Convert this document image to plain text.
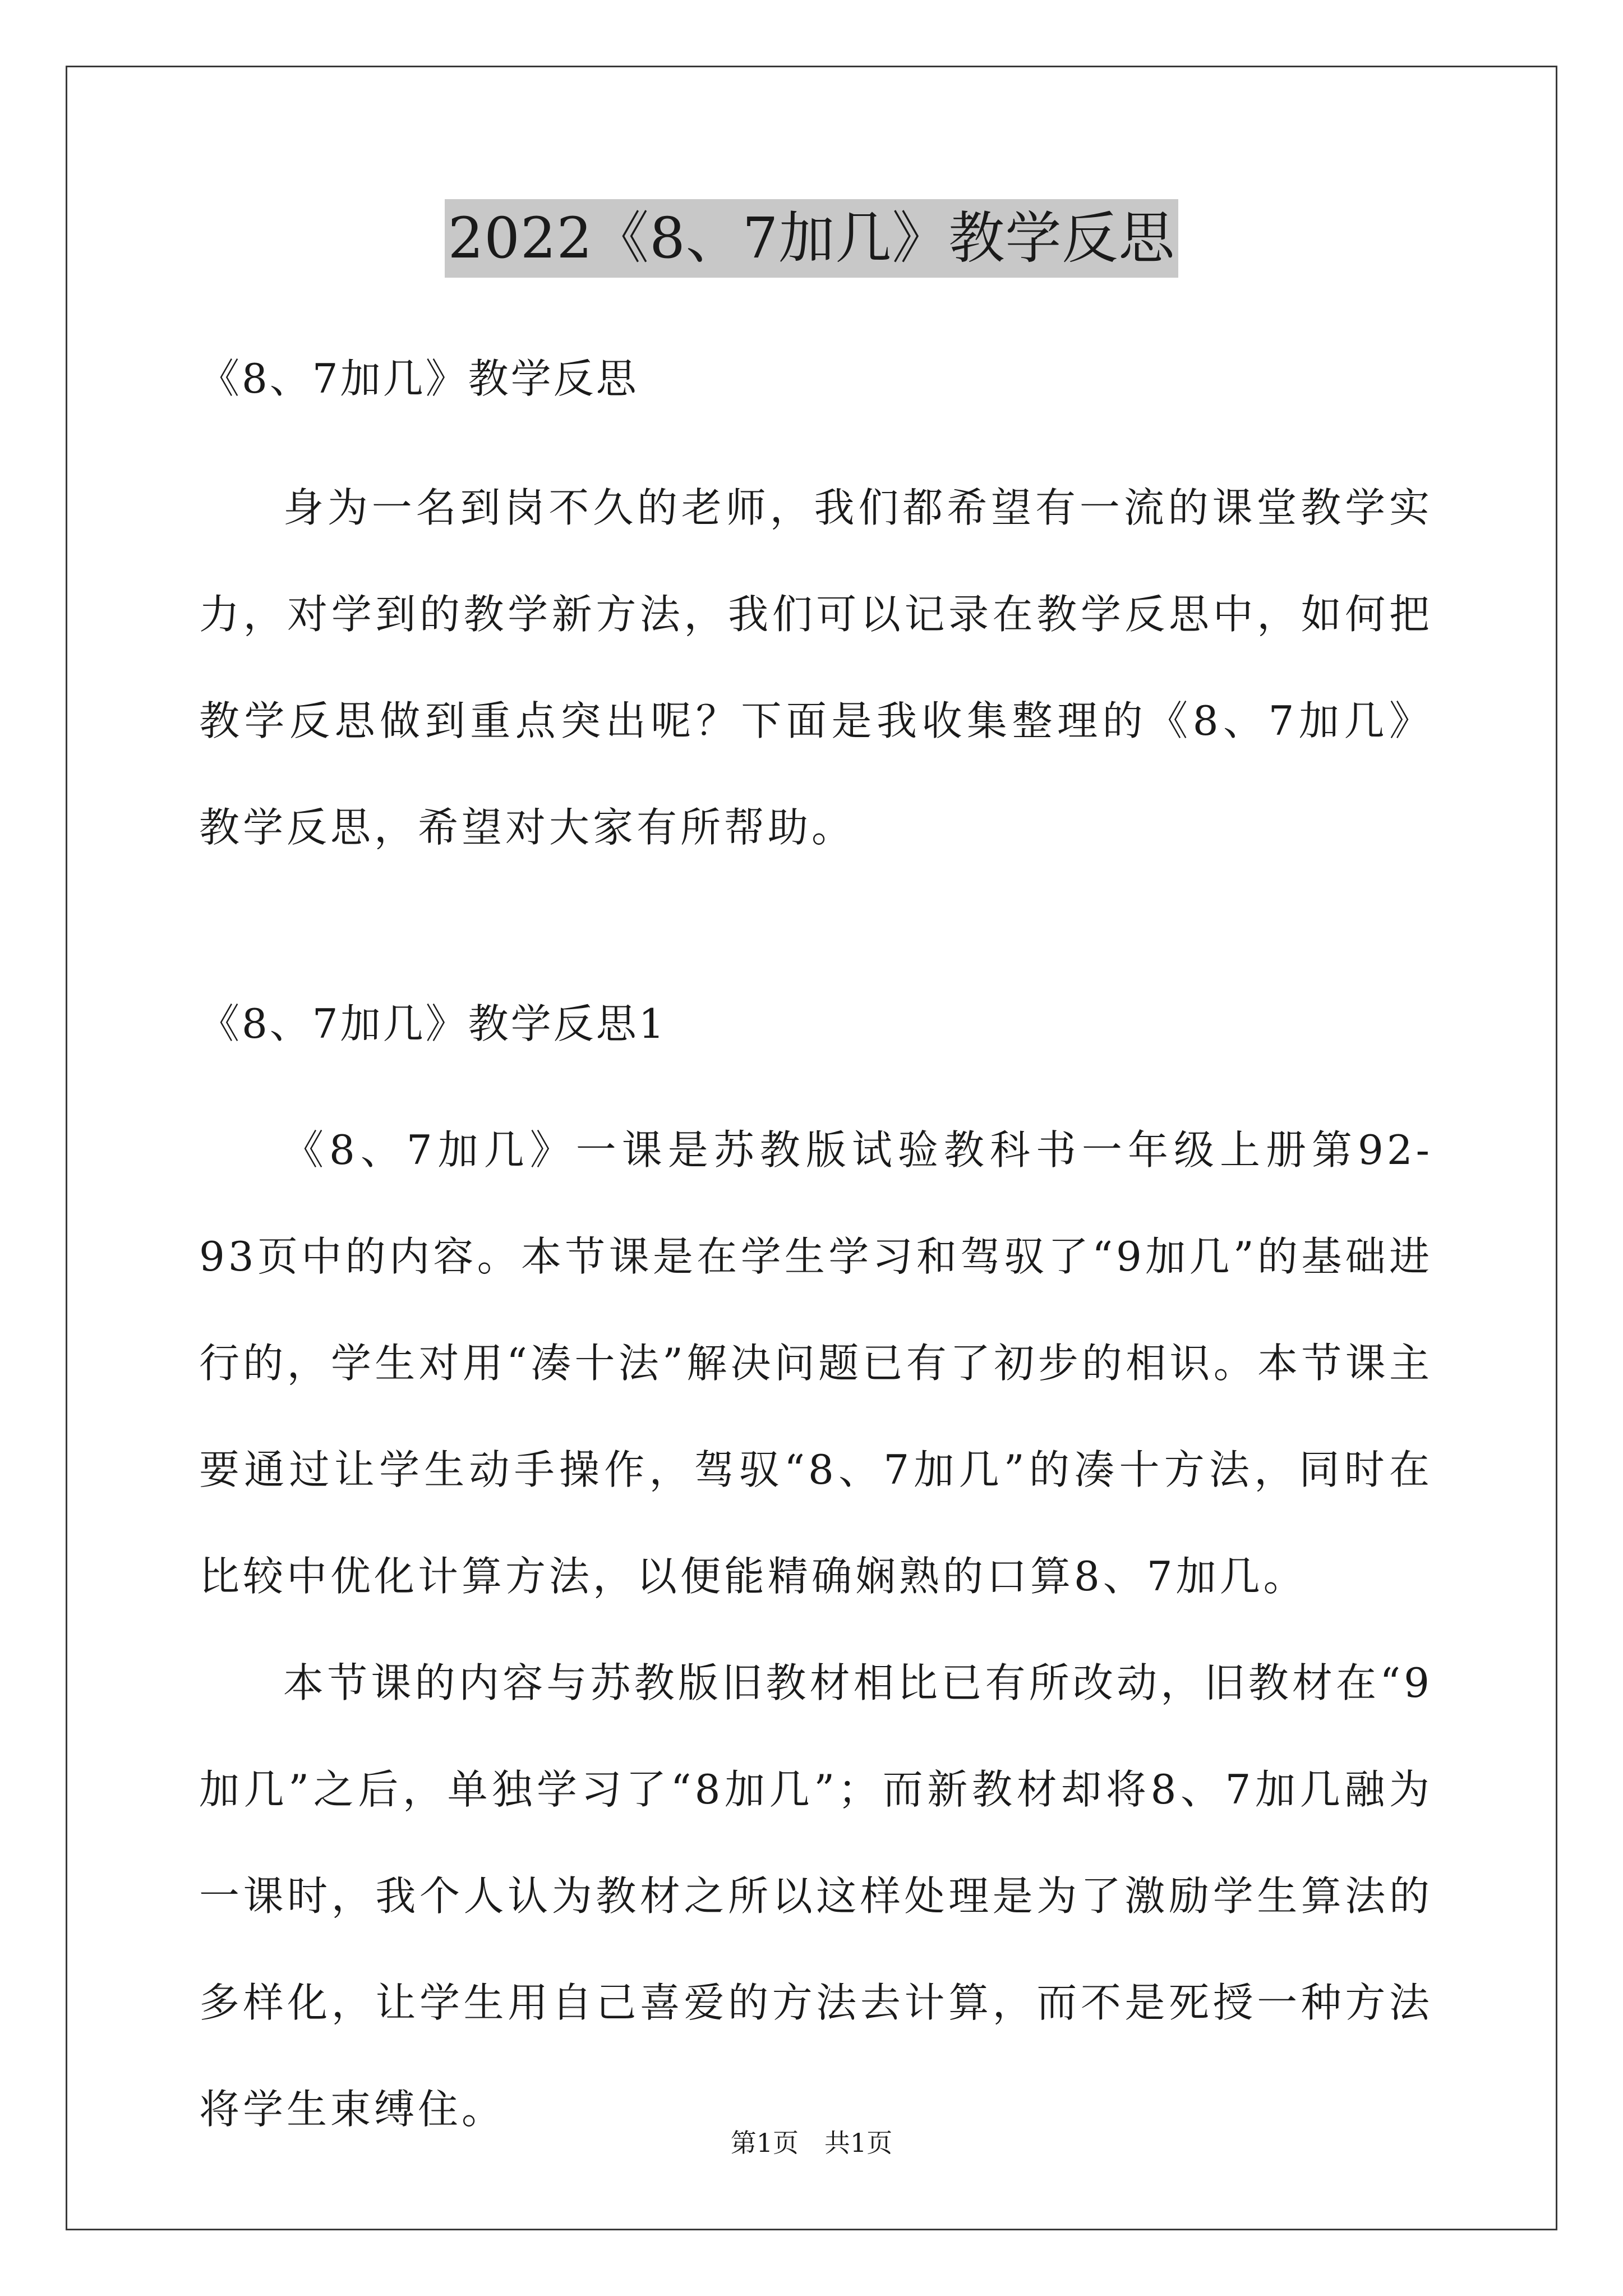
2022《8、7加几》教学反思
《8、7加几》教学反思

身为一名到岗不久的老师，我们都希望有一流的课堂教学实力，对学到的教学新方法，我们可以记录在教学反思中，如何把教学反思做到重点突出呢？下面是我收集整理的《8、7加几》教学反思，希望对大家有所帮助。

《8、7加几》教学反思1

《8、7加几》一课是苏教版试验教科书一年级上册第92-93页中的内容。本节课是在学生学习和驾驭了“9加几”的基础进行的，学生对用“凑十法”解决问题已有了初步的相识。本节课主要通过让学生动手操作，驾驭“8、7加几”的凑十方法，同时在比较中优化计算方法，以便能精确娴熟的口算8、7加几。

本节课的内容与苏教版旧教材相比已有所改动，旧教材在“9加几”之后，单独学习了“8加几”；而新教材却将8、7加几融为一课时，我个人认为教材之所以这样处理是为了激励学生算法的多样化，让学生用自己喜爱的方法去计算，而不是死授一种方法将学生束缚住。

第1页　共1页
